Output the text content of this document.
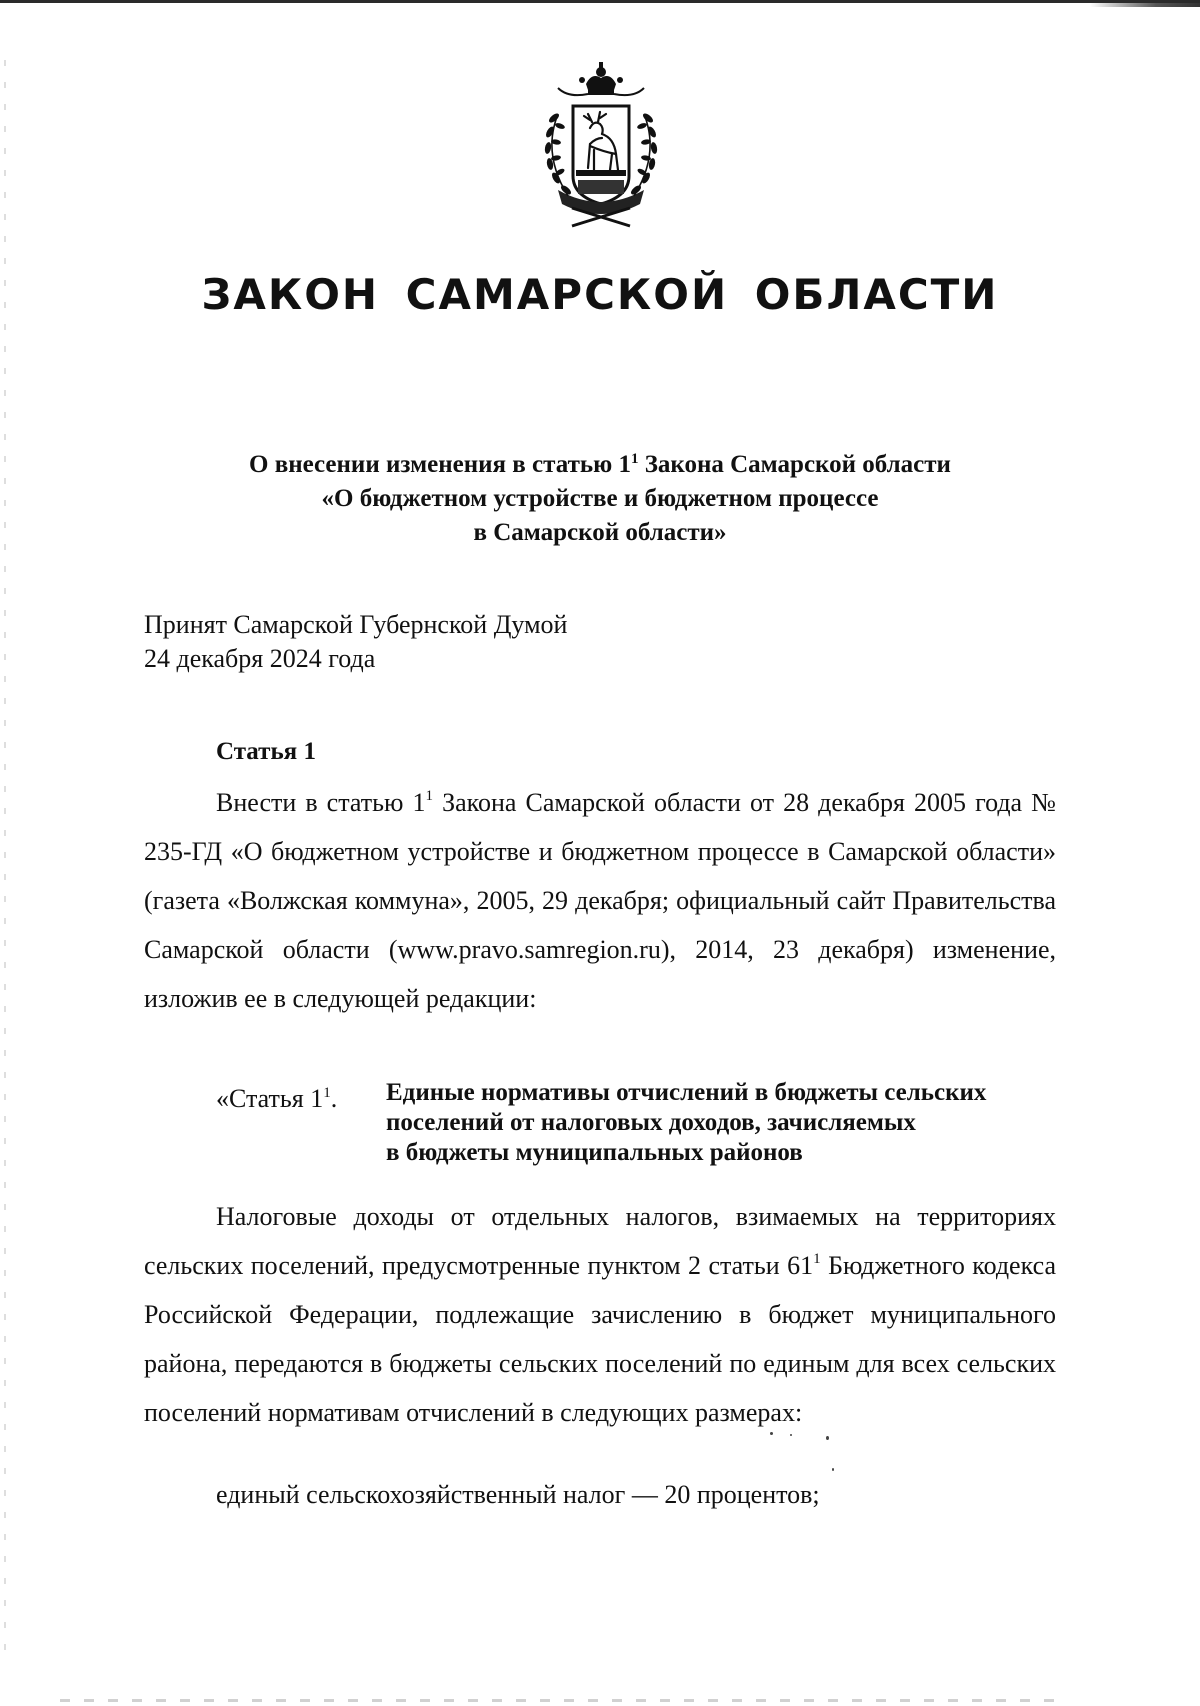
ЗАКОН САМАРСКОЙ ОБЛАСТИ
О внесении изменения в статью $1^1$ Закона Самарской области
«О бюджетном устройстве и бюджетном процессе
в Самарской области»
Принят Самарской Губернской Думой
24 декабря 2024 года
Статья 1
Внести в статью $1^1$ Закона Самарской области от 28 декабря 2005 года № 235-ГД «О бюджетном устройстве и бюджетном процессе в Самарской области» (газета «Волжская коммуна», 2005, 29 декабря; официальный сайт Правительства Самарской области (www.pravo.samregion.ru), 2014, 23 декабря) изменение, изложив ее в следующей редакции:
«Статья $1^1$. Единые нормативы отчислений в бюджеты сельских
поселений от налоговых доходов, зачисляемых
в бюджеты муниципальных районов
Налоговые доходы от отдельных налогов, взимаемых на территориях сельских поселений, предусмотренные пунктом 2 статьи $61^1$ Бюджетного кодекса Российской Федерации, подлежащие зачислению в бюджет муниципального района, передаются в бюджеты сельских поселений по единым для всех сельских поселений нормативам отчислений в следующих размерах:
единый сельскохозяйственный налог — 20 процентов;
